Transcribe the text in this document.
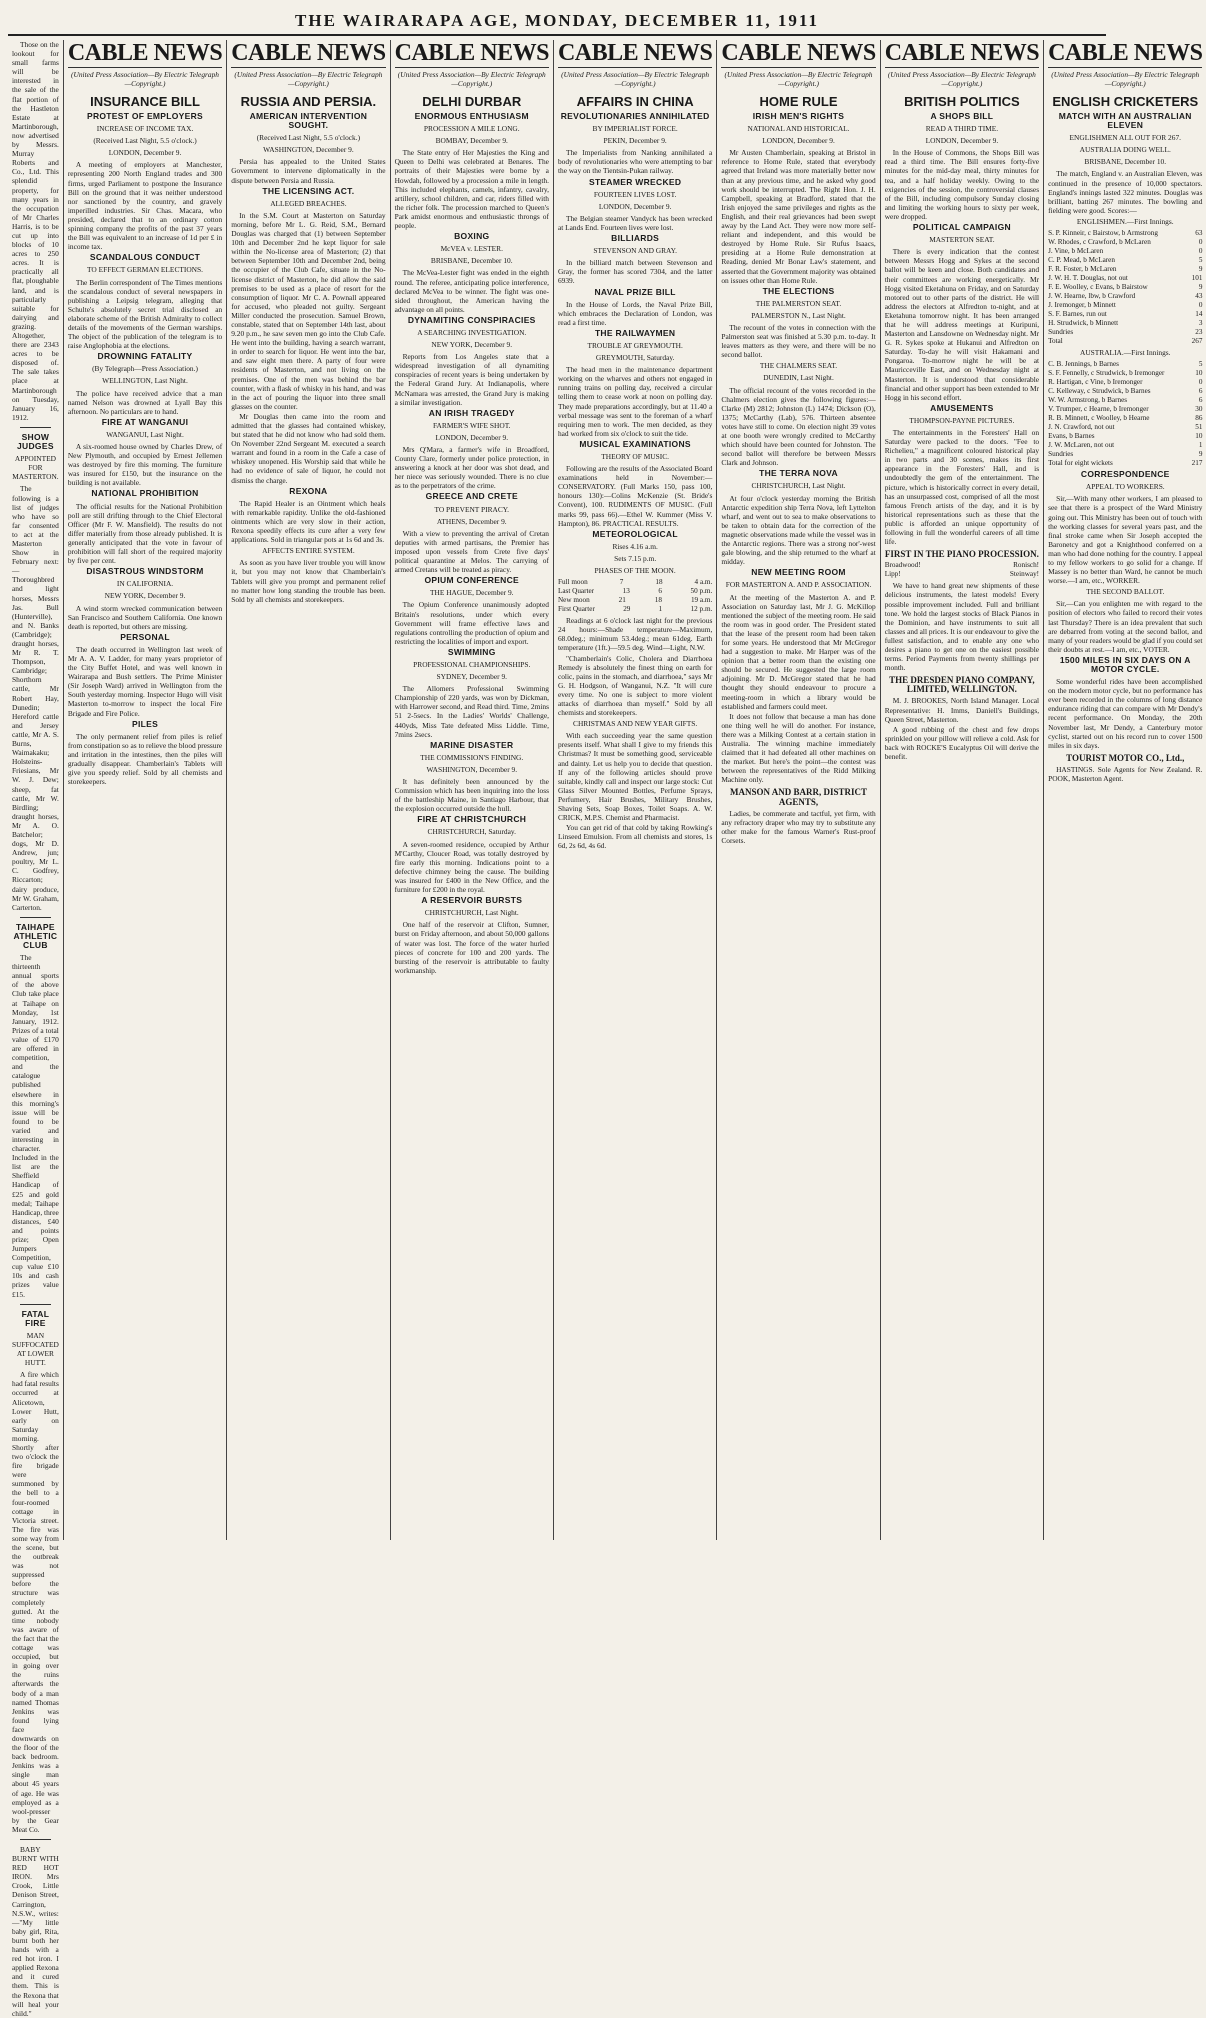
THE WAIRARAPA AGE, MONDAY, DECEMBER 11, 1911

Those on the lookout for small farms will be interested in the sale of the flat portion of the Hastleton Estate at Martinborough, now advertised by Messrs. Murray Roberts and Co., Ltd. This splendid property, for many years in the occupation of Mr Charles Harris, is to be cut up into blocks of 10 acres to 250 acres. It is practically all flat, ploughable land, and is particularly suitable for dairying and grazing. Altogether, there are 2343 acres to be disposed of. The sale takes place at Martinborough on Tuesday, January 16, 1912.

SHOW JUDGES
APPOINTED FOR MASTERTON.

The following is a list of judges who have so far consented to act at the Masterton Show in February next:—Thoroughbred and light horses, Messrs Jas. Bull (Hunterville), and N. Banks (Cambridge); draught horses, Mr R. T. Thompson, Cambridge; Shorthorn cattle, Mr Robert Hay, Dunedin; Hereford cattle and Jersey cattle, Mr A. S. Burns, Waimakaku; Holsteins-Friesians, Mr W. J. Dew; sheep, fat cattle, Mr W. Birdling; draught horses, Mr A. O. Batchelor; dogs, Mr D. Andrew, jun; poultry, Mr L. C. Godfrey, Riccarton; dairy produce, Mr W. Graham, Carterton.

TAIHAPE ATHLETIC CLUB

The thirteenth annual sports of the above Club take place at Taihape on Monday, 1st January, 1912. Prizes of a total value of £170 are offered in competition, and the catalogue published elsewhere in this morning's issue will be found to be varied and interesting in character. Included in the list are the Sheffield Handicap of £25 and gold medal; Taihape Handicap, three distances, £40 and points prize; Open Jumpers Competition, cup value £10 10s and cash prizes value £15.

FATAL FIRE
MAN SUFFOCATED AT LOWER HUTT.

A fire which had fatal results occurred at Alicetown, Lower Hutt, early on Saturday morning. Shortly after two o'clock the fire brigade were summoned by the bell to a four-roomed cottage in Victoria street. The fire was some way from the scene, but the outbreak was not suppressed before the structure was completely gutted. At the time nobody was aware of the fact that the cottage was occupied, but in going over the ruins afterwards the body of a man named Thomas Jenkins was found lying face downwards on the floor of the back bedroom. Jenkins was a single man about 45 years of age. He was employed as a wool-presser by the Gear Meat Co.

BABY BURNT WITH RED HOT IRON. Mrs Crook, Little Denison Street, Carrington, N.S.W., writes:—"My little baby girl, Rita, burnt both her hands with a red hot iron. I applied Rexona and it cured them. This is the Rexona that will heal your child."

CABLE NEWS
(United Press Association—By Electric Telegraph—Copyright.)
INSURANCE BILL
PROTEST OF EMPLOYERS
INCREASE OF INCOME TAX.
(Received Last Night, 5.5 o'clock.)
LONDON, December 9.

A meeting of employers at Manchester, representing 200 North England trades and 300 firms, urged Parliament to postpone the Insurance Bill on the ground that it was neither understood nor sanctioned by the country, and gravely imperilled industries. Sir Chas. Macara, who presided, declared that to an ordinary cotton spinning company the profits of the past 37 years the Bill was equivalent to an increase of 1d per £ in income tax.

SCANDALOUS CONDUCT
TO EFFECT GERMAN ELECTIONS.

The Berlin correspondent of The Times mentions the scandalous conduct of several newspapers in publishing a Leipsig telegram, alleging that Schulte's absolutely secret trial disclosed an elaborate scheme of the British Admiralty to collect details of the movements of the German warships. The object of the publication of the telegram is to raise Anglophobia at the elections.

DROWNING FATALITY
(By Telegraph—Press Association.)
WELLINGTON, Last Night.

The police have received advice that a man named Nelson was drowned at Lyall Bay this afternoon. No particulars are to hand.

FIRE AT WANGANUI
WANGANUI, Last Night.

A six-roomed house owned by Charles Drew, of New Plymouth, and occupied by Ernest Jellemen was destroyed by fire this morning. The furniture was insured for £150, but the insurance on the building is not available.

NATIONAL PROHIBITION

The official results for the National Prohibition poll are still drifting through to the Chief Electoral Officer (Mr F. W. Mansfield). The results do not differ materially from those already published. It is generally anticipated that the vote in favour of prohibition will fall short of the required majority by five per cent.

DISASTROUS WINDSTORM
IN CALIFORNIA.
NEW YORK, December 9.

A wind storm wrecked communication between San Francisco and Southern California. One known death is reported, but others are missing.

PERSONAL

The death occurred in Wellington last week of Mr A. A. V. Ladder, for many years proprietor of the City Buffet Hotel, and was well known in Wairarapa and Bush settlers. The Prime Minister (Sir Joseph Ward) arrived in Wellington from the South yesterday morning. Inspector Hugo will visit Masterton to-morrow to inspect the local Fire Brigade and Fire Police.

PILES

The only permanent relief from piles is relief from constipation so as to relieve the blood pressure and irritation in the intestines, then the piles will gradually disappear. Chamberlain's Tablets will give you speedy relief. Sold by all chemists and storekeepers.

CABLE NEWS
(United Press Association—By Electric Telegraph—Copyright.)
RUSSIA AND PERSIA.
AMERICAN INTERVENTION SOUGHT.
(Received Last Night, 5.5 o'clock.)
WASHINGTON, December 9.

Persia has appealed to the United States Government to intervene diplomatically in the dispute between Persia and Russia.

THE LICENSING ACT.
ALLEGED BREACHES.

In the S.M. Court at Masterton on Saturday morning, before Mr L. G. Reid, S.M., Bernard Douglas was charged that (1) between September 10th and December 2nd he kept liquor for sale within the No-license area of Masterton; (2) that between September 10th and December 2nd, being the occupier of the Club Cafe, situate in the No-license district of Masterton, he did allow the said premises to be used as a place of resort for the consumption of liquor. Mr C. A. Pownall appeared for accused, who pleaded not guilty. Sergeant Miller conducted the prosecution. Samuel Brown, constable, stated that on September 14th last, about 9.20 p.m., he saw seven men go into the Club Cafe. He went into the building, having a search warrant, in order to search for liquor. He went into the bar, and saw eight men there. A party of four were residents of Masterton, and not living on the premises. One of the men was behind the bar counter, with a flask of whisky in his hand, and was in the act of pouring the liquor into three small glasses on the counter.

Mr Douglas then came into the room and admitted that the glasses had contained whiskey, but stated that he did not know who had sold them. On November 22nd Sergeant M. executed a search warrant and found in a room in the Cafe a case of whiskey unopened. His Worship said that while he had no evidence of sale of liquor, he could not dismiss the charge.

REXONA

The Rapid Healer is an Ointment which heals with remarkable rapidity. Unlike the old-fashioned ointments which are very slow in their action, Rexona speedily effects its cure after a very few applications. Sold in triangular pots at 1s 6d and 3s.

AFFECTS ENTIRE SYSTEM.

As soon as you have liver trouble you will know it, but you may not know that Chamberlain's Tablets will give you prompt and permanent relief no matter how long standing the trouble has been. Sold by all chemists and storekeepers.

CABLE NEWS
(United Press Association—By Electric Telegraph—Copyright.)
DELHI DURBAR
ENORMOUS ENTHUSIASM
PROCESSION A MILE LONG.
BOMBAY, December 9.

The State entry of Her Majesties the King and Queen to Delhi was celebrated at Benares. The portraits of their Majesties were borne by a Howdah, followed by a procession a mile in length. This included elephants, camels, infantry, cavalry, artillery, school children, and car, riders filled with the richer folk. The procession marched to Queen's Park amidst enormous and enthusiastic throngs of people.

BOXING
McVEA v. LESTER.
BRISBANE, December 10.

The McVea-Lester fight was ended in the eighth round. The referee, anticipating police interference, declared McVea to be winner. The fight was one-sided throughout, the American having the advantage on all points.

DYNAMITING CONSPIRACIES
A SEARCHING INVESTIGATION.
NEW YORK, December 9.

Reports from Los Angeles state that a widespread investigation of all dynamiting conspiracies of recent years is being undertaken by the Federal Grand Jury. At Indianapolis, where McNamara was arrested, the Grand Jury is making a similar investigation.

AN IRISH TRAGEDY
FARMER'S WIFE SHOT.
LONDON, December 9.

Mrs Q'Mara, a farmer's wife in Broadford, County Clare, formerly under police protection, in answering a knock at her door was shot dead, and her niece was seriously wounded. There is no clue as to the perpetrators of the crime.

GREECE AND CRETE
TO PREVENT PIRACY.
ATHENS, December 9.

With a view to preventing the arrival of Cretan deputies with armed partisans, the Premier has imposed upon vessels from Crete five days' political quarantine at Melos. The carrying of armed Cretans will be treated as piracy.

OPIUM CONFERENCE
THE HAGUE, December 9.

The Opium Conference unanimously adopted Britain's resolutions, under which every Government will frame effective laws and regulations controlling the production of opium and restricting the localities of import and export.

SWIMMING
PROFESSIONAL CHAMPIONSHIPS.
SYDNEY, December 9.

The Allomers Professional Swimming Championship of 220 yards, was won by Dickman, with Harrower second, and Read third. Time, 2mins 51 2-5secs. In the Ladies' Worlds' Challenge, 440yds, Miss Tate defeated Miss Liddle. Time, 7mins 2secs.

MARINE DISASTER
THE COMMISSION'S FINDING.
WASHINGTON, December 9.

It has definitely been announced by the Commission which has been inquiring into the loss of the battleship Maine, in Santiago Harbour, that the explosion occurred outside the hull.

FIRE AT CHRISTCHURCH
CHRISTCHURCH, Saturday.

A seven-roomed residence, occupied by Arthur M'Carthy, Cloucer Road, was totally destroyed by fire early this morning. Indications point to a defective chimney being the cause. The building was insured for £400 in the New Office, and the furniture for £200 in the royal.

A RESERVOIR BURSTS
CHRISTCHURCH, Last Night.

One half of the reservoir at Clifton, Sumner, burst on Friday afternoon, and about 50,000 gallons of water was lost. The force of the water hurled pieces of concrete for 100 and 200 yards. The bursting of the reservoir is attributable to faulty workmanship.

CABLE NEWS
(United Press Association—By Electric Telegraph—Copyright.)
AFFAIRS IN CHINA
REVOLUTIONARIES ANNIHILATED
BY IMPERIALIST FORCE.
PEKIN, December 9.

The Imperialists from Nanking annihilated a body of revolutionaries who were attempting to bar the way on the Tientsin-Pukan railway.

STEAMER WRECKED
FOURTEEN LIVES LOST.
LONDON, December 9.

The Belgian steamer Vandyck has been wrecked at Lands End. Fourteen lives were lost.

BILLIARDS
STEVENSON AND GRAY.

In the billiard match between Stevenson and Gray, the former has scored 7304, and the latter 6939.

NAVAL PRIZE BILL

In the House of Lords, the Naval Prize Bill, which embraces the Declaration of London, was read a first time.

THE RAILWAYMEN
TROUBLE AT GREYMOUTH.
GREYMOUTH, Saturday.

The head men in the maintenance department working on the wharves and others not engaged in running trains on polling day, received a circular telling them to cease work at noon on polling day. They made preparations accordingly, but at 11.40 a verbal message was sent to the foreman of a wharf requiring men to work. The men decided, as they had worked from six o'clock to suit the tide.

MUSICAL EXAMINATIONS
THEORY OF MUSIC.

Following are the results of the Associated Board examinations held in November:— CONSERVATORY. (Full Marks 150, pass 100, honours 130):—Colins McKenzie (St. Bride's Convent), 100. RUDIMENTS OF MUSIC. (Full marks 99, pass 66).—Ethel W. Kummer (Miss V. Hampton), 86. PRACTICAL RESULTS.

METEOROLOGICAL
Rises 4.16 a.m.
Sets 7.15 p.m.
PHASES OF THE MOON.
Full moon	7	18	4 a.m.
Last Quarter	13	6	50 p.m.
New moon	21	18	19 a.m.
First Quarter	29	1	12 p.m.

Readings at 6 o'clock last night for the previous 24 hours:—Shade temperature—Maximum, 68.0deg.; minimum 53.4deg.; mean 61deg. Earth temperature (1ft.)—59.5 deg. Wind—Light, N.W.

"Chamberlain's Colic, Cholera and Diarrhoea Remedy is absolutely the finest thing on earth for colic, pains in the stomach, and diarrhoea," says Mr G. H. Hodgson, of Wanganui, N.Z. "It will cure every time. No one is subject to more violent attacks of diarrhoea than myself." Sold by all chemists and storekeepers.

CHRISTMAS AND NEW YEAR GIFTS.

With each succeeding year the same question presents itself. What shall I give to my friends this Christmas? It must be something good, serviceable and dainty. Let us help you to decide that question. If any of the following articles should prove suitable, kindly call and inspect our large stock: Cut Glass Silver Mounted Bottles, Perfume Sprays, Perfumery, Hair Brushes, Military Brushes, Shaving Sets, Soap Boxes, Toilet Soaps. A. W. CRICK, M.P.S. Chemist and Pharmacist.

You can get rid of that cold by taking Rowking's Linseed Emulsion. From all chemists and stores, 1s 6d, 2s 6d, 4s 6d.

CABLE NEWS
(United Press Association—By Electric Telegraph—Copyright.)
HOME RULE
IRISH MEN'S RIGHTS
NATIONAL AND HISTORICAL.
LONDON, December 9.

Mr Austen Chamberlain, speaking at Bristol in reference to Home Rule, stated that everybody agreed that Ireland was more materially better now than at any previous time, and he asked why good work should be interrupted. The Right Hon. J. H. Campbell, speaking at Bradford, stated that the Irish enjoyed the same privileges and rights as the English, and their real grievances had been swept away by the Land Act. They were now more self-reliant and independent, and this would be destroyed by Home Rule. Sir Rufus Isaacs, presiding at a Home Rule demonstration at Reading, denied Mr Bonar Law's statement, and asserted that the Government majority was obtained on issues other than Home Rule.

THE ELECTIONS
THE PALMERSTON SEAT.
PALMERSTON N., Last Night.

The recount of the votes in connection with the Palmerston seat was finished at 5.30 p.m. to-day. It leaves matters as they were, and there will be no second ballot.

THE CHALMERS SEAT.
DUNEDIN, Last Night.

The official recount of the votes recorded in the Chalmers election gives the following figures:—Clarke (M) 2812; Johnston (L) 1474; Dickson (O), 1375; McCarthy (Lab), 576. Thirteen absentee votes have still to come. On election night 39 votes at one booth were wrongly credited to McCarthy which should have been counted for Johnston. The second ballot will therefore be between Messrs Clark and Johnson.

THE TERRA NOVA
CHRISTCHURCH, Last Night.

At four o'clock yesterday morning the British Antarctic expedition ship Terra Nova, left Lyttelton wharf, and went out to sea to make observations to be taken to obtain data for the correction of the magnetic observations made while the vessel was in the Antarctic regions. There was a strong nor'-west gale blowing, and the ship returned to the wharf at midday.

NEW MEETING ROOM
FOR MASTERTON A. AND P. ASSOCIATION.

At the meeting of the Masterton A. and P. Association on Saturday last, Mr J. G. McKillop mentioned the subject of the meeting room. He said the room was in good order. The President stated that the lease of the present room had been taken for some years. He understood that Mr McGregor had a suggestion to make. Mr Harper was of the opinion that a better room than the existing one should be secured. He suggested the large room adjoining. Mr D. McGregor stated that he had thought they should endeavour to procure a meeting-room in which a library would be established and farmers could meet.

It does not follow that because a man has done one thing well he will do another. For instance, there was a Milking Contest at a certain station in Australia. The winning machine immediately claimed that it had defeated all other machines on the market. But here's the point—the contest was between the representatives of the Ridd Milking Machine only.

MANSON AND BARR, DISTRICT AGENTS,

Ladies, be commerate and tactful, yet firm, with any refractory draper who may try to substitute any other make for the famous Warner's Rust-proof Corsets.

CABLE NEWS
(United Press Association—By Electric Telegraph—Copyright.)
BRITISH POLITICS
A SHOPS BILL
READ A THIRD TIME.
LONDON, December 9.

In the House of Commons, the Shops Bill was read a third time. The Bill ensures forty-five minutes for the mid-day meal, thirty minutes for tea, and a half holiday weekly. Owing to the exigencies of the session, the controversial clauses of the Bill, including compulsory Sunday closing and limiting the working hours to sixty per week, were dropped.

POLITICAL CAMPAIGN
MASTERTON SEAT.

There is every indication that the contest between Messrs Hogg and Sykes at the second ballot will be keen and close. Both candidates and their committees are working energetically. Mr Hogg visited Eketahuna on Friday, and on Saturday motored out to other parts of the district. He will address the electors at Alfredton to-night, and at Eketahuna tomorrow night. It has been arranged that he will address meetings at Kuripuni, Masterton and Lansdowne on Wednesday night. Mr G. R. Sykes spoke at Hukanui and Alfredton on Saturday. To-day he will visit Hakamani and Pongaroa. To-morrow night he will be at Mauricceville East, and on Wednesday night at Masterton. It is understood that considerable financial and other support has been extended to Mr Hogg in his second effort.

AMUSEMENTS
THOMPSON-PAYNE PICTURES.

The entertainments in the Foresters' Hall on Saturday were packed to the doors. "Fee to Richelieu," a magnificent coloured historical play in two parts and 30 scenes, makes its first appearance in the Foresters' Hall, and is undoubtedly the gem of the entertainment. The picture, which is historically correct in every detail, has an unsurpassed cost, comprised of all the most famous French artists of the day, and it is by historical representations such as these that the public is afforded an unique opportunity of following in full the wonderful careers of all time life.

FIRST IN THE PIANO PROCESSION.
Broadwood!	Ronisch!
Lipp!	Steinway!

We have to hand great new shipments of these delicious instruments, the latest models! Every possible improvement included. Full and brilliant tone. We hold the largest stocks of Black Pianos in the Dominion, and have instruments to suit all classes and all prices. It is our endeavour to give the fullest satisfaction, and to enable any one who desires a piano to get one on the easiest possible terms. Period Payments from twenty shillings per month.

THE DRESDEN PIANO COMPANY, LIMITED, WELLINGTON.

M. J. BROOKES, North Island Manager. Local Representative: H. Imms, Daniell's Buildings, Queen Street, Masterton.

A good rubbing of the chest and few drops sprinkled on your pillow will relieve a cold. Ask for back with ROCKE'S Eucalyptus Oil will derive the benefit.

CABLE NEWS
(United Press Association—By Electric Telegraph—Copyright.)
ENGLISH CRICKETERS
MATCH WITH AN AUSTRALIAN ELEVEN
ENGLISHMEN ALL OUT FOR 267.
AUSTRALIA DOING WELL.
BRISBANE, December 10.

The match, England v. an Australian Eleven, was continued in the presence of 10,000 spectators. England's innings lasted 322 minutes. Douglas was brilliant, batting 267 minutes. The bowling and fielding were good. Scores:—

ENGLISHMEN.—First Innings.
S. P. Kinneir, c Bairstow, b Armstrong	63
W. Rhodes, c Crawford, b McLaren	0
J. Vine, b McLaren	0
C. P. Mead, b McLaren	5
F. R. Foster, b McLaren	9
J. W. H. T. Douglas, not out	101
F. E. Woolley, c Evans, b Bairstow	9
J. W. Hearne, lbw, b Crawford	43
J. Iremonger, b Minnett	0
S. F. Barnes, run out	14
H. Strudwick, b Minnett	3
Sundries	23
Total	267
AUSTRALIA.—First Innings.
C. B. Jennings, b Barnes	5
S. F. Fennelly, c Strudwick, b Iremonger	10
R. Hartigan, c Vine, b Iremonger	0
C. Kelleway, c Strudwick, b Barnes	6
W. W. Armstrong, b Barnes	6
V. Trumper, c Hearne, b Iremonger	30
R. B. Minnett, c Woolley, b Hearne	86
J. N. Crawford, not out	51
Evans, b Barnes	10
J. W. McLaren, not out	1
Sundries	9
Total for eight wickets	217
CORRESPONDENCE
APPEAL TO WORKERS.

Sir,—With many other workers, I am pleased to see that there is a prospect of the Ward Ministry going out. This Ministry has been out of touch with the working classes for several years past, and the final stroke came when Sir Joseph accepted the Baronetcy and got a Knighthood conferred on a man who had done nothing for the country. I appeal to my fellow workers to go solid for a change. If Massey is no better than Ward, he cannot be much worse.—I am, etc., WORKER.

THE SECOND BALLOT.

Sir,—Can you enlighten me with regard to the position of electors who failed to record their votes last Thursday? There is an idea prevalent that such are debarred from voting at the second ballot, and many of your readers would be glad if you could set their doubts at rest.—I am, etc., VOTER.

1500 MILES IN SIX DAYS ON A MOTOR CYCLE.

Some wonderful rides have been accomplished on the modern motor cycle, but no performance has ever been recorded in the columns of long distance endurance riding that can compare with Mr Dendy's recent performance. On Monday, the 20th November last, Mr Dendy, a Canterbury motor cyclist, started out on his record run to cover 1500 miles in six days.

TOURIST MOTOR CO., Ltd.,

HASTINGS. Sole Agents for New Zealand. R. POOK, Masterton Agent.
